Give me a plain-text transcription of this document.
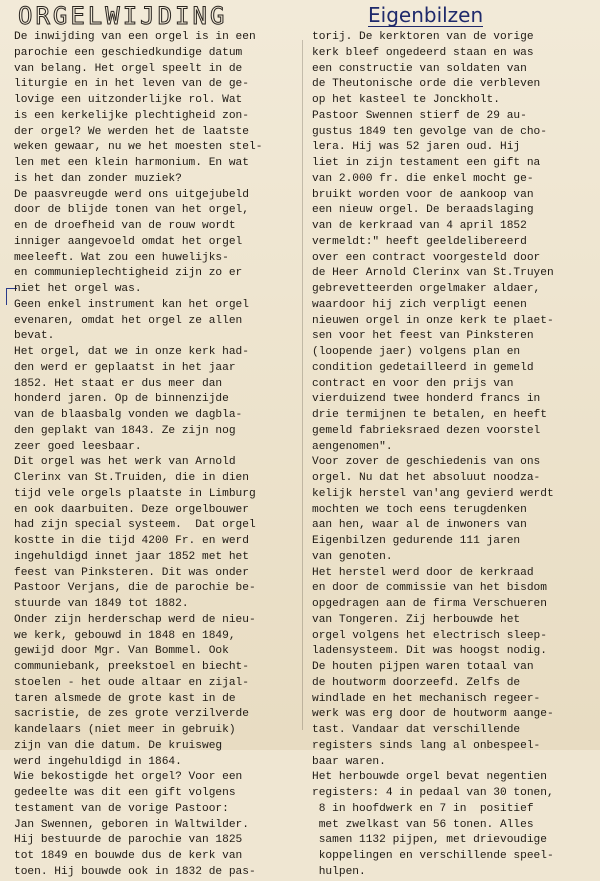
ORGELWIJDING	Eigenbilzen
De inwijding van een orgel is in een
parochie een geschiedkundige datum
van belang. Het orgel speelt in de
liturgie en in het leven van de ge-
lovige een uitzonderlijke rol. Wat
is een kerkelijke plechtigheid zon-
der orgel? We werden het de laatste
weken gewaar, nu we het moesten stel-
len met een klein harmonium. En wat
is het dan zonder muziek?
De paasvreugde werd ons uitgejubeld
door de blijde tonen van het orgel,
en de droefheid van de rouw wordt
inniger aangevoeld omdat het orgel
meeleeft. Wat zou een huwelijks-
en communieplechtigheid zijn zo er
niet het orgel was.
Geen enkel instrument kan het orgel
evenaren, omdat het orgel ze allen
bevat.
Het orgel, dat we in onze kerk had-
den werd er geplaatst in het jaar
1852. Het staat er dus meer dan
honderd jaren. Op de binnenzijde
van de blaasbalg vonden we dagbla-
den geplakt van 1843. Ze zijn nog
zeer goed leesbaar.
Dit orgel was het werk van Arnold
Clerinx van St.Truiden, die in dien
tijd vele orgels plaatste in Limburg
en ook daarbuiten. Deze orgelbouwer
had zijn special systeem.  Dat orgel
kostte in die tijd 4200 Fr. en werd
ingehuldigd innet jaar 1852 met het
feest van Pinksteren. Dit was onder
Pastoor Verjans, die de parochie be-
stuurde van 1849 tot 1882.
Onder zijn herderschap werd de nieu-
we kerk, gebouwd in 1848 en 1849,
gewijd door Mgr. Van Bommel. Ook
communiebank, preekstoel en biecht-
stoelen - het oude altaar en zijal-
taren alsmede de grote kast in de
sacristie, de zes grote verzilverde
kandelaars (niet meer in gebruik)
zijn van die datum. De kruisweg
werd ingehuldigd in 1864.
Wie bekostigde het orgel? Voor een
gedeelte was dit een gift volgens
testament van de vorige Pastoor:
Jan Swennen, geboren in Waltwilder.
Hij bestuurde de parochie van 1825
tot 1849 en bouwde dus de kerk van
toen. Hij bouwde ook in 1832 de pas-
torij. De kerktoren van de vorige
kerk bleef ongedeerd staan en was
een constructie van soldaten van
de Theutonische orde die verbleven
op het kasteel te Jonckholt.
Pastoor Swennen stierf de 29 au-
gustus 1849 ten gevolge van de cho-
lera. Hij was 52 jaren oud. Hij
liet in zijn testament een gift na
van 2.000 fr. die enkel mocht ge-
bruikt worden voor de aankoop van
een nieuw orgel. De beraadslaging
van de kerkraad van 4 april 1852
vermeldt:" heeft geeldelibereerd
over een contract voorgesteld door
de Heer Arnold Clerinx van St.Truyen
gebrevetteerden orgelmaker aldaer,
waardoor hij zich verpligt eenen
nieuwen orgel in onze kerk te plaet-
sen voor het feest van Pinksteren
(loopende jaer) volgens plan en
condition gedetailleerd in gemeld
contract en voor den prijs van
vierduizend twee honderd francs in
drie termijnen te betalen, en heeft
gemeld fabrieksraed dezen voorstel
aengenomen".
Voor zover de geschiedenis van ons
orgel. Nu dat het absoluut noodza-
kelijk herstel van'ang gevierd werdt
mochten we toch eens terugdenken
aan hen, waar al de inwoners van
Eigenbilzen gedurende 111 jaren
van genoten.
Het herstel werd door de kerkraad
en door de commissie van het bisdom
opgedragen aan de firma Verschueren
van Tongeren. Zij herbouwde het
orgel volgens het electrisch sleep-
ladensysteem. Dit was hoogst nodig.
De houten pijpen waren totaal van
de houtworm doorzeefd. Zelfs de
windlade en het mechanisch regeer-
werk was erg door de houtworm aange-
tast. Vandaar dat verschillende
registers sinds lang al onbespeel-
baar waren.
Het herbouwde orgel bevat negentien
registers: 4 in pedaal van 30 tonen,
8 in hoofdwerk en 7 in  positief
met zwelkast van 56 tonen. Alles
samen 1132 pijpen, met drievoudige
koppelingen en verschillende speel-
hulpen.
